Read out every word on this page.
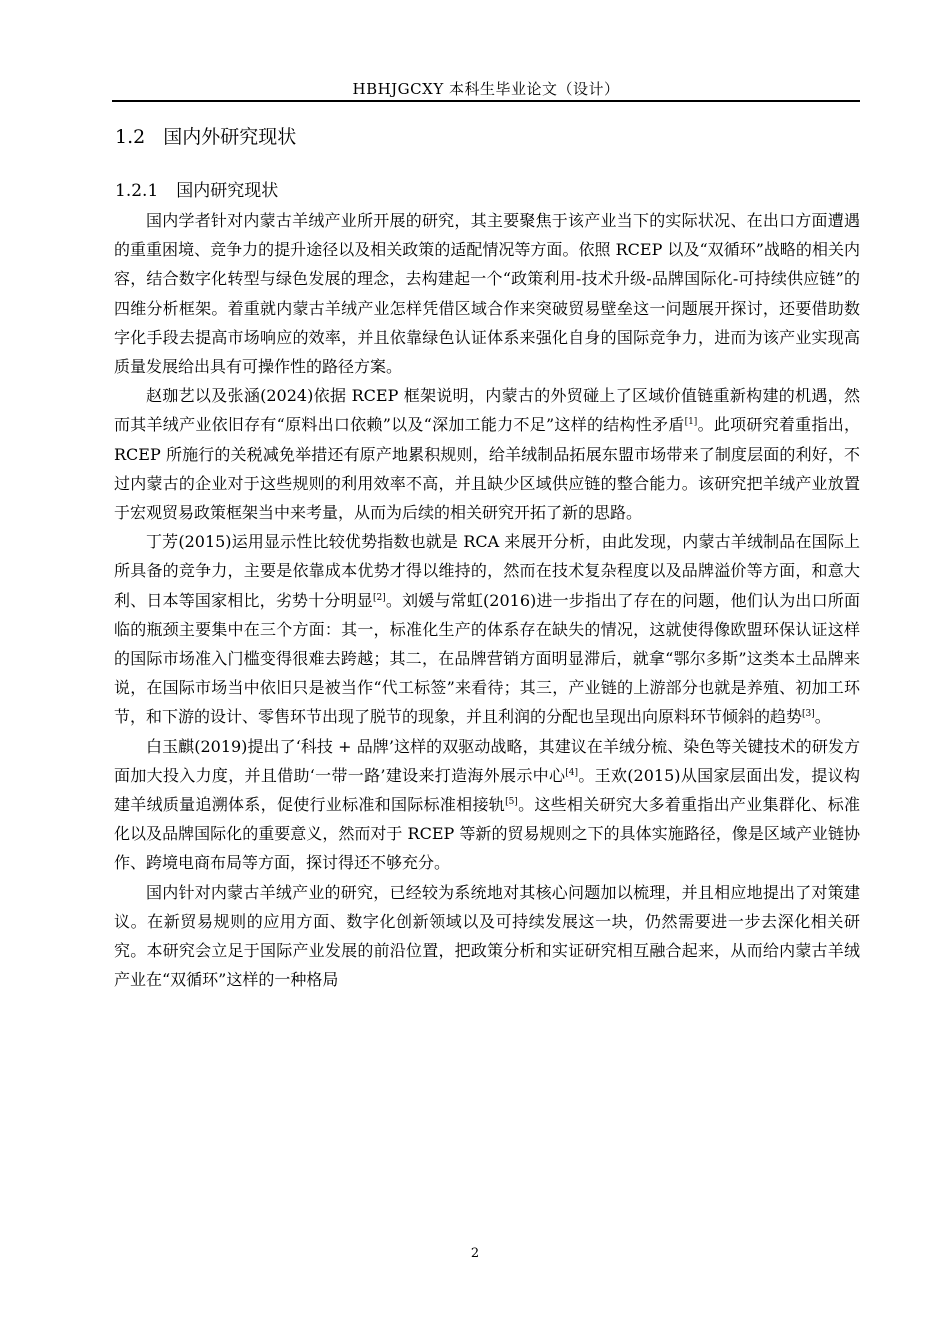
HBHJGCXY 本科生毕业论文（设计）
1.2 国内外研究现状
1.2.1 国内研究现状

国内学者针对内蒙古羊绒产业所开展的研究，其主要聚焦于该产业当下的实际状况、在出口方面遭遇的重重困境、竞争力的提升途径以及相关政策的适配情况等方面。依照 RCEP 以及“双循环”战略的相关内容，结合数字化转型与绿色发展的理念，去构建起一个“政策利用-技术升级-品牌国际化-可持续供应链”的四维分析框架。着重就内蒙古羊绒产业怎样凭借区域合作来突破贸易壁垒这一问题展开探讨，还要借助数字化手段去提高市场响应的效率，并且依靠绿色认证体系来强化自身的国际竞争力，进而为该产业实现高质量发展给出具有可操作性的路径方案。

赵珈艺以及张涵(2024)依据 RCEP 框架说明，内蒙古的外贸碰上了区域价值链重新构建的机遇，然而其羊绒产业依旧存有“原料出口依赖”以及“深加工能力不足”这样的结构性矛盾[1]。此项研究着重指出，RCEP 所施行的关税减免举措还有原产地累积规则，给羊绒制品拓展东盟市场带来了制度层面的利好，不过内蒙古的企业对于这些规则的利用效率不高，并且缺少区域供应链的整合能力。该研究把羊绒产业放置于宏观贸易政策框架当中来考量，从而为后续的相关研究开拓了新的思路。

丁芳(2015)运用显示性比较优势指数也就是 RCA 来展开分析，由此发现，内蒙古羊绒制品在国际上所具备的竞争力，主要是依靠成本优势才得以维持的，然而在技术复杂程度以及品牌溢价等方面，和意大利、日本等国家相比，劣势十分明显[2]。刘媛与常虹(2016)进一步指出了存在的问题，他们认为出口所面临的瓶颈主要集中在三个方面：其一，标准化生产的体系存在缺失的情况，这就使得像欧盟环保认证这样的国际市场准入门槛变得很难去跨越；其二，在品牌营销方面明显滞后，就拿“鄂尔多斯”这类本土品牌来说，在国际市场当中依旧只是被当作“代工标签”来看待；其三，产业链的上游部分也就是养殖、初加工环节，和下游的设计、零售环节出现了脱节的现象，并且利润的分配也呈现出向原料环节倾斜的趋势[3]。

白玉麒(2019)提出了‘科技 + 品牌’这样的双驱动战略，其建议在羊绒分梳、染色等关键技术的研发方面加大投入力度，并且借助‘一带一路’建设来打造海外展示中心[4]。王欢(2015)从国家层面出发，提议构建羊绒质量追溯体系，促使行业标准和国际标准相接轨[5]。这些相关研究大多着重指出产业集群化、标准化以及品牌国际化的重要意义，然而对于 RCEP 等新的贸易规则之下的具体实施路径，像是区域产业链协作、跨境电商布局等方面，探讨得还不够充分。

国内针对内蒙古羊绒产业的研究，已经较为系统地对其核心问题加以梳理，并且相应地提出了对策建议。在新贸易规则的应用方面、数字化创新领域以及可持续发展这一块，仍然需要进一步去深化相关研究。本研究会立足于国际产业发展的前沿位置，把政策分析和实证研究相互融合起来，从而给内蒙古羊绒产业在“双循环”这样的一种格局

2
